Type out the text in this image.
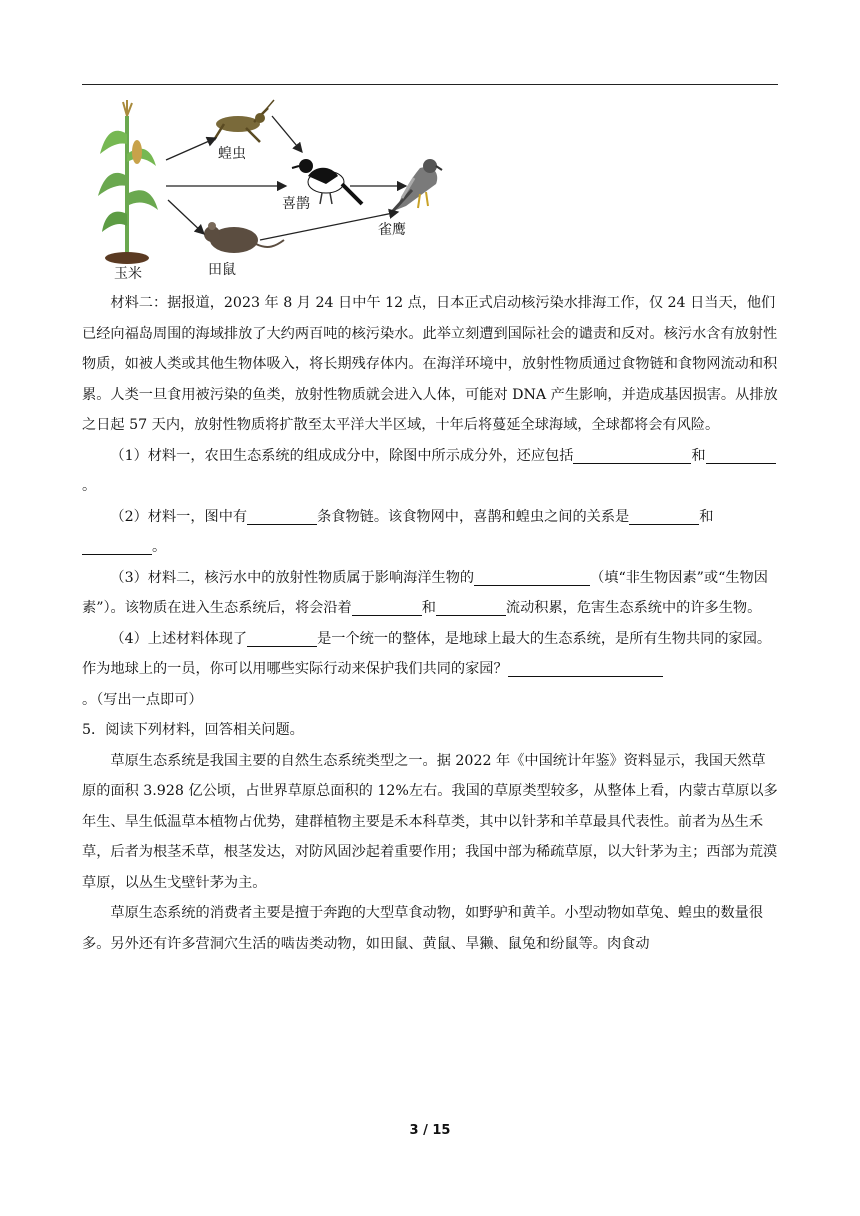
玉米
蝗虫
喜鹊
田鼠
雀鹰

材料二：据报道，2023 年 8 月 24 日中午 12 点，日本正式启动核污染水排海工作，仅 24 日当天，他们已经向福岛周围的海域排放了大约两百吨的核污染水。此举立刻遭到国际社会的谴责和反对。核污水含有放射性物质，如被人类或其他生物体吸入，将长期残存体内。在海洋环境中，放射性物质通过食物链和食物网流动和积累。人类一旦食用被污染的鱼类，放射性物质就会进入人体，可能对 DNA 产生影响，并造成基因损害。从排放之日起 57 天内，放射性物质将扩散至太平洋大半区域，十年后将蔓延全球海域，全球都将会有风险。

（1）材料一，农田生态系统的组成成分中，除图中所示成分外，还应包括	和。

（2）材料一，图中有	条食物链。该食物网中，喜鹊和蝗虫之间的关系是	和。

（3）材料二，核污水中的放射性物质属于影响海洋生物的	（填“非生物因素”或“生物因素”）。该物质在进入生态系统后，将会沿着	和	流动积累，危害生态系统中的许多生物。

（4）上述材料体现了	是一个统一的整体，是地球上最大的生态系统，是所有生物共同的家园。作为地球上的一员，你可以用哪些实际行动来保护我们共同的家园？。（写出一点即可）

5．阅读下列材料，回答相关问题。

草原生态系统是我国主要的自然生态系统类型之一。据 2022 年《中国统计年鉴》资料显示，我国天然草原的面积 3.928 亿公顷，占世界草原总面积的 12%左右。我国的草原类型较多，从整体上看，内蒙古草原以多年生、旱生低温草本植物占优势，建群植物主要是禾本科草类，其中以针茅和羊草最具代表性。前者为丛生禾草，后者为根茎禾草，根茎发达，对防风固沙起着重要作用；我国中部为稀疏草原，以大针茅为主；西部为荒漠草原，以丛生戈壁针茅为主。

草原生态系统的消费者主要是擅于奔跑的大型草食动物，如野驴和黄羊。小型动物如草兔、蝗虫的数量很多。另外还有许多营洞穴生活的啮齿类动物，如田鼠、黄鼠、旱獭、鼠兔和纷鼠等。肉食动

3 / 15
